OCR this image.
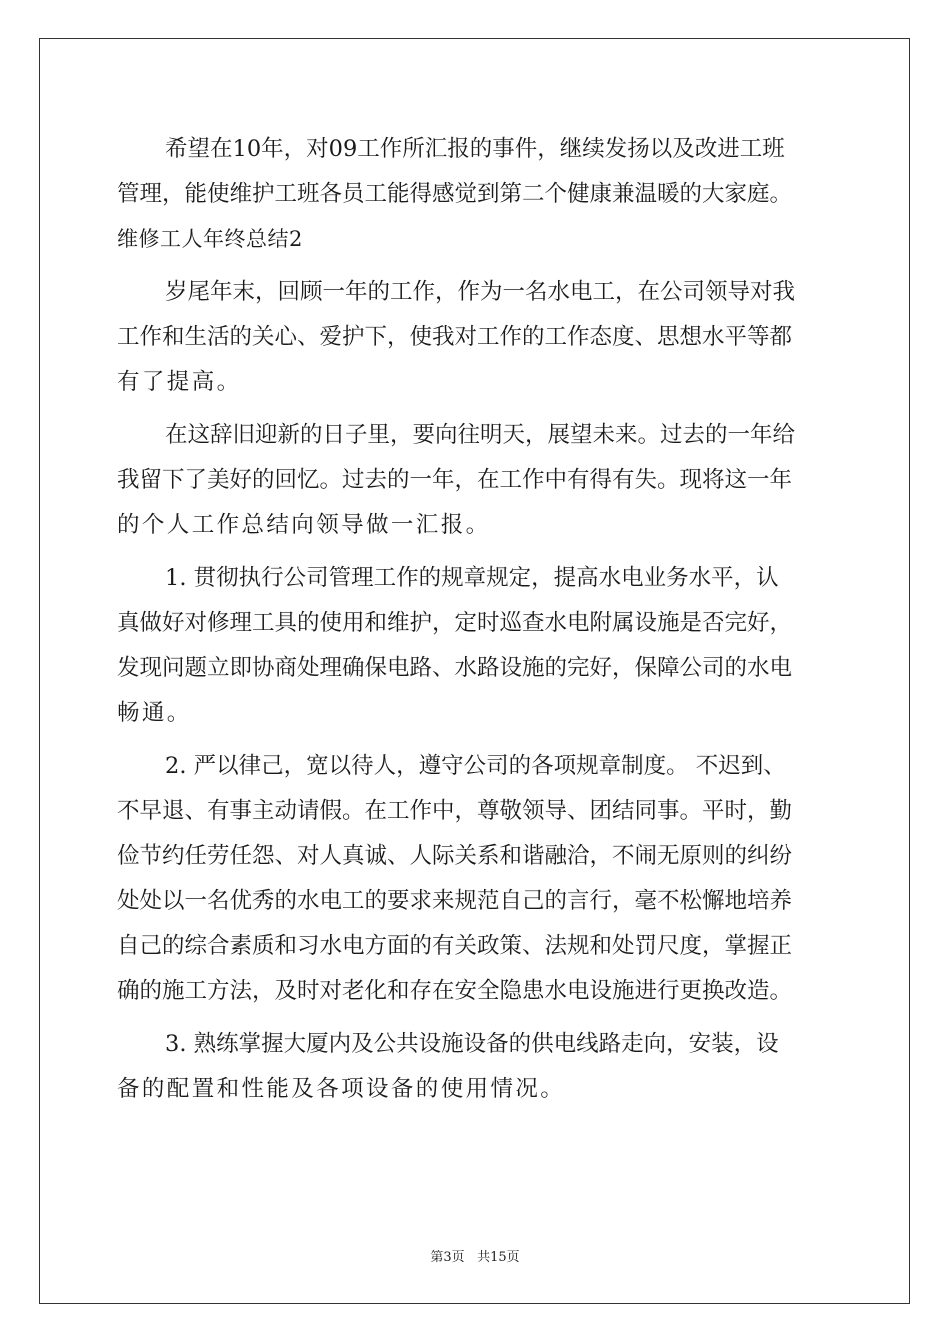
希望在10年，对09工作所汇报的事件，继续发扬以及改进工班
管理，能使维护工班各员工能得感觉到第二个健康兼温暖的大家庭。
维修工人年终总结2
岁尾年末，回顾一年的工作，作为一名水电工，在公司领导对我
工作和生活的关心、爱护下，使我对工作的工作态度、思想水平等都
有了提高。
在这辞旧迎新的日子里，要向往明天，展望未来。过去的一年给
我留下了美好的回忆。过去的一年，在工作中有得有失。现将这一年
的个人工作总结向领导做一汇报。
1. 贯彻执行公司管理工作的规章规定，提高水电业务水平，认
真做好对修理工具的使用和维护，定时巡查水电附属设施是否完好，
发现问题立即协商处理确保电路、水路设施的完好，保障公司的水电
畅通。
2. 严以律己，宽以待人，遵守公司的各项规章制度。 不迟到、
不早退、有事主动请假。在工作中，尊敬领导、团结同事。平时，勤
俭节约任劳任怨、对人真诚、人际关系和谐融洽，不闹无原则的纠纷
处处以一名优秀的水电工的要求来规范自己的言行，毫不松懈地培养
自己的综合素质和习水电方面的有关政策、法规和处罚尺度，掌握正
确的施工方法，及时对老化和存在安全隐患水电设施进行更换改造。
3. 熟练掌握大厦内及公共设施设备的供电线路走向，安装，设
备的配置和性能及各项设备的使用情况。
第3页 共15页
